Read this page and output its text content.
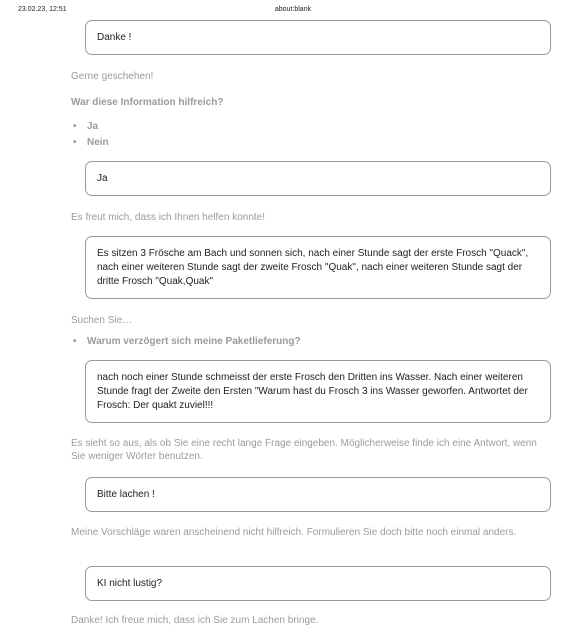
23.02.23, 12:51	about:blank
Danke !
Gerne geschehen!
War diese Information hilfreich?
• Ja
• Nein
Ja
Es freut mich, dass ich Ihnen helfen konnte!
Es sitzen 3 Frösche am Bach und sonnen sich, nach einer Stunde sagt der erste Frosch "Quack", nach einer weiteren Stunde sagt der zweite Frosch "Quak", nach einer weiteren Stunde sagt der dritte Frosch "Quak,Quak"
Suchen Sie…
• Warum verzögert sich meine Paketlieferung?
nach noch einer Stunde schmeisst der erste Frosch den Dritten ins Wasser. Nach einer weiteren Stunde fragt der Zweite den Ersten "Warum hast du Frosch 3 ins Wasser geworfen. Antwortet der Frosch: Der quakt zuviel!!!
Es sieht so aus, als ob Sie eine recht lange Frage eingeben. Möglicherweise finde ich eine Antwort, wenn Sie weniger Wörter benutzen.
Bitte lachen !
Meine Vorschläge waren anscheinend nicht hilfreich. Formulieren Sie doch bitte noch einmal anders.
KI nicht lustig?
Danke! Ich freue mich, dass ich Sie zum Lachen bringe.
